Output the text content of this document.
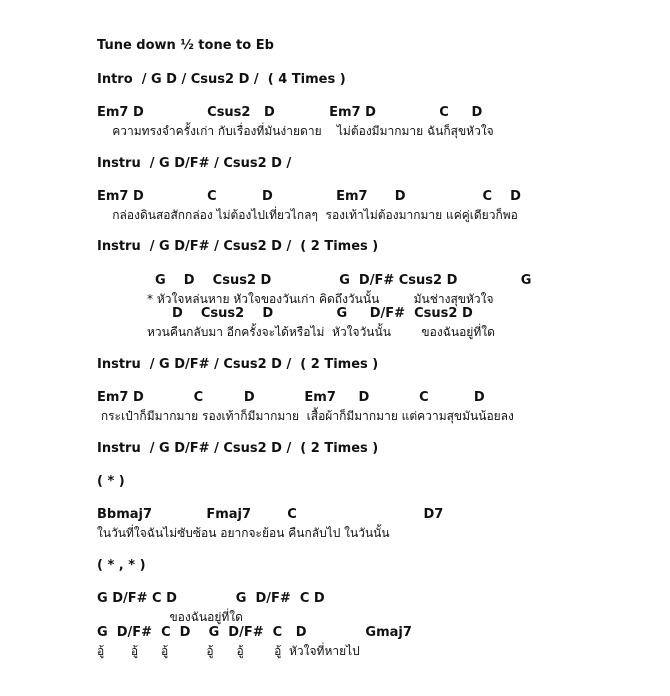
Tune down ½ tone to Eb

Intro  / G D / Csus2 D /  ( 4 Times )

Em7 D              Csus2   D            Em7 D              C     D

ความทรงจำครั้งเก่า กับเรื่องที่มันง่ายดาย    ไม่ต้องมีมากมาย ฉันก็สุขหัวใจ

Instru  / G D/F# / Csus2 D /

Em7 D              C          D              Em7      D                 C    D

กล่องดินสอสักกล่อง ไม่ต้องไปเที่ยวไกลๆ  รองเท้าไม่ต้องมากมาย แค่คู่เดียวก็พอ

Instru  / G D/F# / Csus2 D /  ( 2 Times )

G    D    Csus2 D               G  D/F# Csus2 D              G

* หัวใจหล่นหาย หัวใจของวันเก่า คิดถึงวันนั้น         มันช่างสุขหัวใจ

D    Csus2    D              G     D/F#  Csus2 D

หวนคืนกลับมา อีกครั้งจะได้หรือไม่  หัวใจวันนั้น        ของฉันอยู่ที่ใด

Instru  / G D/F# / Csus2 D /  ( 2 Times )

Em7 D           C         D           Em7     D           C          D

กระเป๋าก็มีมากมาย รองเท้าก็มีมากมาย  เสื้อผ้าก็มีมากมาย แต่ความสุขมันน้อยลง

Instru  / G D/F# / Csus2 D /  ( 2 Times )

( * )

Bbmaj7            Fmaj7        C                            D7

ในวันที่ใจฉันไม่ซับซ้อน อยากจะย้อน คืนกลับไป ในวันนั้น

( * , * )

G D/F# C D             G  D/F#  C D

ของฉันอยู่ที่ใด

G  D/F#  C  D    G  D/F#  C   D             Gmaj7

อู้       อู้      อู้          อู้      อู้        อู้  หัวใจที่หายไป
